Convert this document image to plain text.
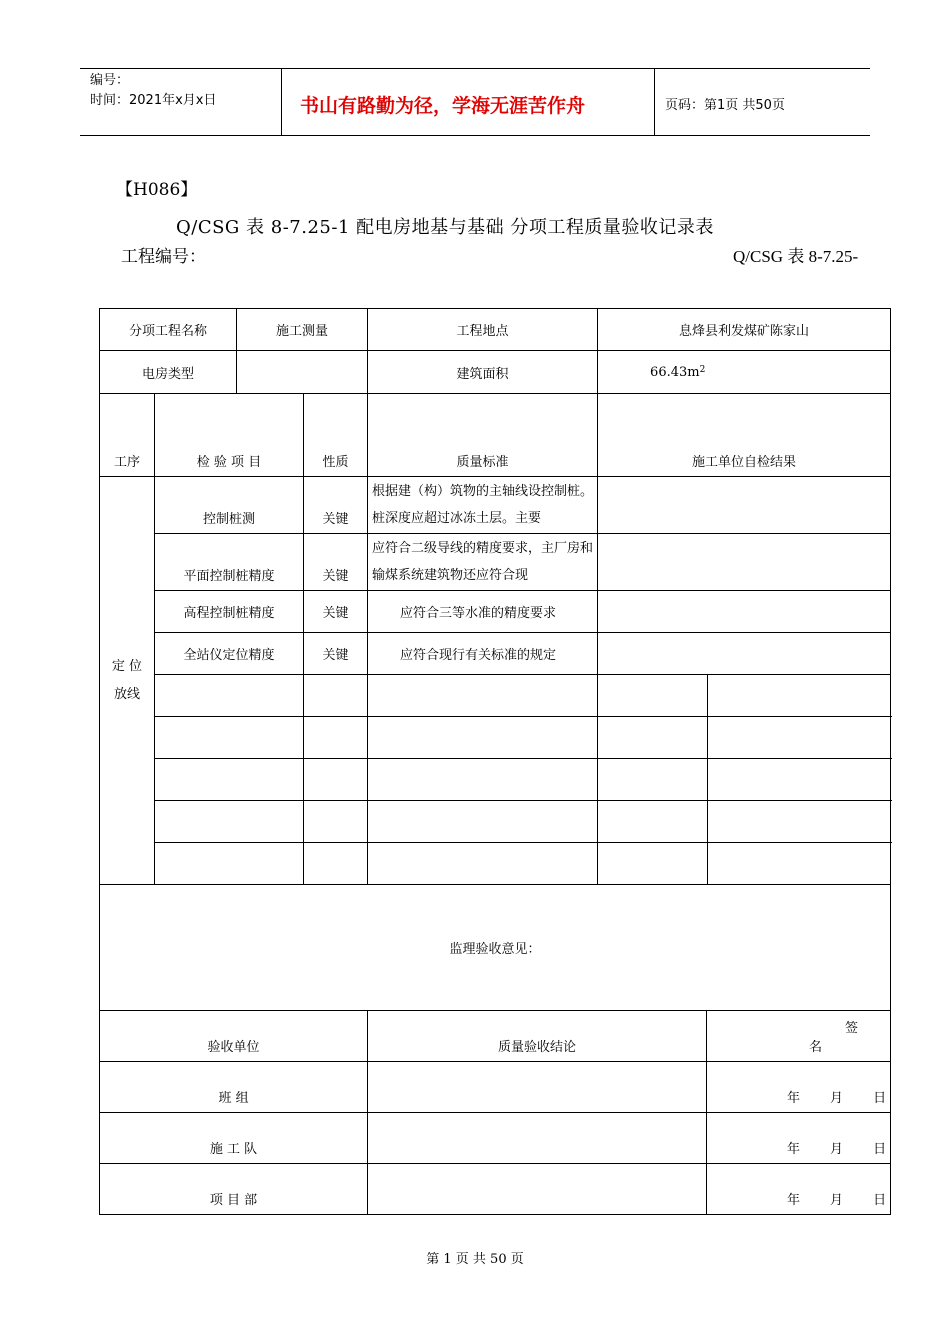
编号：
时间：2021年x月x日	书山有路勤为径，学海无涯苦作舟	页码：第1页 共50页
【H086】
Q/CSG 表 8-7.25-1 配电房地基与基础 分项工程质量验收记录表
工程编号：	Q/CSG 表 8-7.25-
分项工程名称		施工测量		工程地点	息烽县利发煤矿陈家山	
电房类型				建筑面积	$66.43m^2$
工序	检 验 项 目		性质	质量标准	施工单位自检结果	

定 位
放线	控制桩测		关键	根据建（构）筑物的主轴线设控制桩。桩深度应超过冰冻土层。主要		
	平面控制桩精度		关键	应符合二级导线的精度要求，主厂房和输煤系统建筑物还应符合现		
	高程控制桩精度		关键	应符合三等水准的精度要求		
	全站仪定位精度		关键	应符合现行有关标准的规定		

监理验收意见：						
验收单位				质量验收结论		签名
班 组						年 月 日
施 工 队						年 月 日
项 目 部						年 月 日
第 1 页 共 50 页
